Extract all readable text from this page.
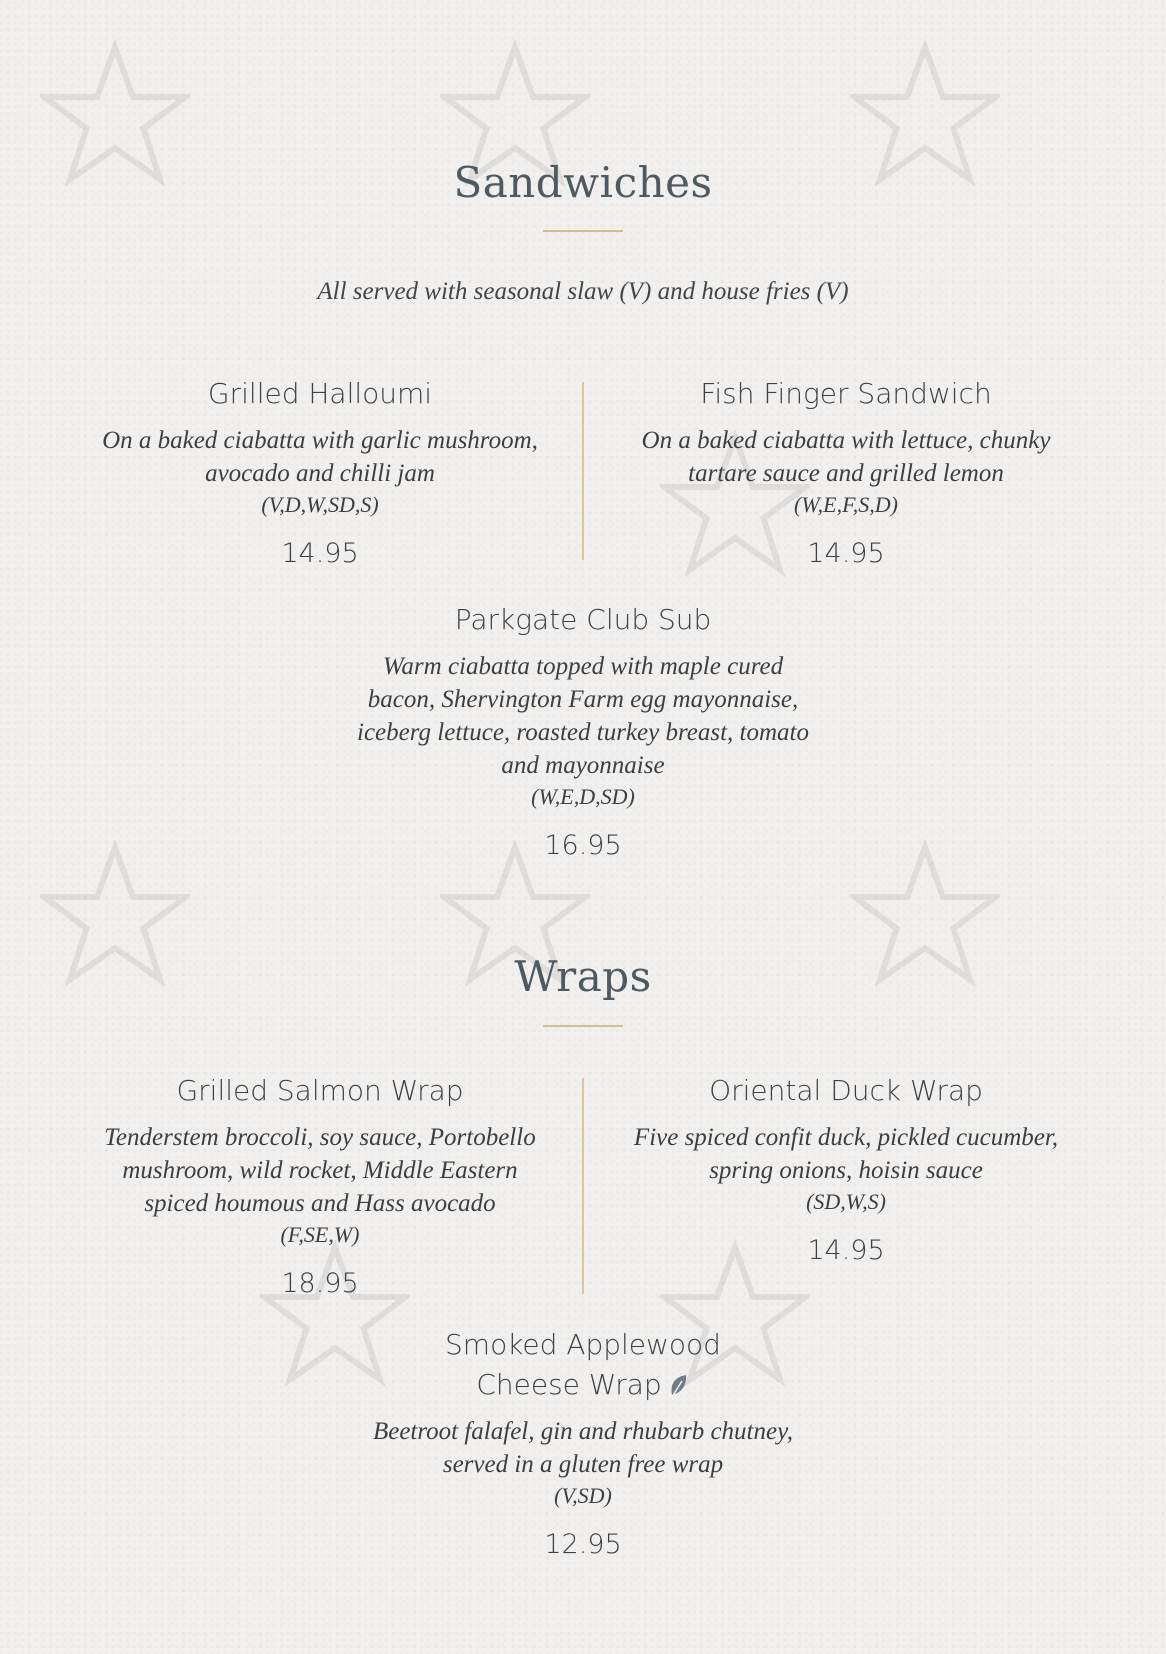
Sandwiches

All served with seasonal slaw (V) and house fries (V)

Grilled Halloumi

On a baked ciabatta with garlic mushroom,

avocado and chilli jam

(V,D,W,SD,S)

14.95
Fish Finger Sandwich

On a baked ciabatta with lettuce, chunky

tartare sauce and grilled lemon

(W,E,F,S,D)

14.95
Parkgate Club Sub

Warm ciabatta topped with maple cured

bacon, Shervington Farm egg mayonnaise,

iceberg lettuce, roasted turkey breast, tomato

and mayonnaise

(W,E,D,SD)

16.95
Wraps
Grilled Salmon Wrap

Tenderstem broccoli, soy sauce, Portobello

mushroom, wild rocket, Middle Eastern

spiced houmous and Hass avocado

(F,SE,W)

18.95
Oriental Duck Wrap

Five spiced confit duck, pickled cucumber,

spring onions, hoisin sauce

(SD,W,S)

14.95
Smoked Applewood
Cheese Wrap

Beetroot falafel, gin and rhubarb chutney,

served in a gluten free wrap

(V,SD)

12.95
